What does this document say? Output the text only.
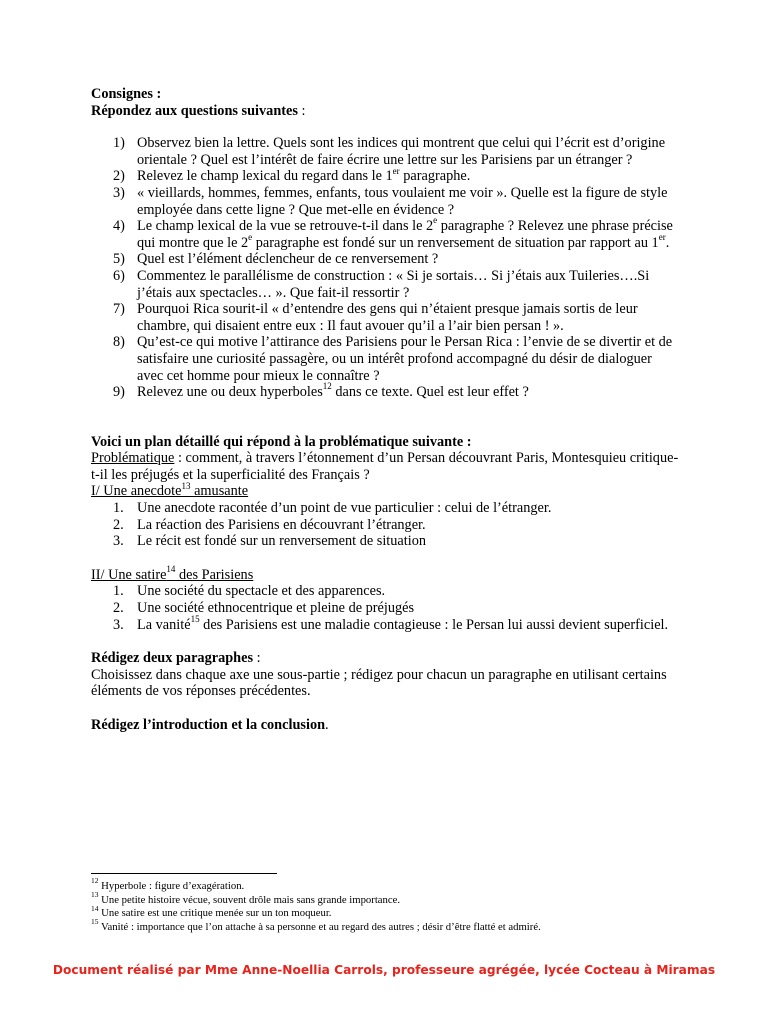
Consignes :
Répondez aux questions suivantes :
1) Observez bien la lettre. Quels sont les indices qui montrent que celui qui l’écrit est d’origine orientale ? Quel est l’intérêt de faire écrire une lettre sur les Parisiens par un étranger ?
2) Relevez le champ lexical du regard dans le 1er paragraphe.
3) « vieillards, hommes, femmes, enfants, tous voulaient me voir ». Quelle est la figure de style employée dans cette ligne ? Que met-elle en évidence ?
4) Le champ lexical de la vue se retrouve-t-il dans le 2e paragraphe ? Relevez une phrase précise qui montre que le 2e paragraphe est fondé sur un renversement de situation par rapport au 1er.
5) Quel est l’élément déclencheur de ce renversement ?
6) Commentez le parallélisme de construction : « Si je sortais… Si j’étais aux Tuileries….Si j’étais aux spectacles… ». Que fait-il ressortir ?
7) Pourquoi Rica sourit-il « d’entendre des gens qui n’étaient presque jamais sortis de leur chambre, qui disaient entre eux : Il faut avouer qu’il a l’air bien persan ! ».
8) Qu’est-ce qui motive l’attirance des Parisiens pour le Persan Rica : l’envie de se divertir et de satisfaire une curiosité passagère, ou un intérêt profond accompagné du désir de dialoguer avec cet homme pour mieux le connaître ?
9) Relevez une ou deux hyperboles$^{12}$ dans ce texte. Quel est leur effet ?
Voici un plan détaillé qui répond à la problématique suivante :
Problématique : comment, à travers l’étonnement d’un Persan découvrant Paris, Montesquieu critique-t-il les préjugés et la superficialité des Français ?
I/ Une anecdote$^{13}$ amusante
1. Une anecdote racontée d’un point de vue particulier : celui de l’étranger.
2. La réaction des Parisiens en découvrant l’étranger.
3. Le récit est fondé sur un renversement de situation
II/ Une satire$^{14}$ des Parisiens
1. Une société du spectacle et des apparences.
2. Une société ethnocentrique et pleine de préjugés
3. La vanité$^{15}$ des Parisiens est une maladie contagieuse : le Persan lui aussi devient superficiel.
Rédigez deux paragraphes :
Choisissez dans chaque axe une sous-partie ; rédigez pour chacun un paragraphe en utilisant certains éléments de vos réponses précédentes.
Rédigez l’introduction et la conclusion.
$^{12}$ Hyperbole : figure d’exagération.
$^{13}$ Une petite histoire vécue, souvent drôle mais sans grande importance.
$^{14}$ Une satire est une critique menée sur un ton moqueur.
$^{15}$ Vanité : importance que l’on attache à sa personne et au regard des autres ; désir d’être flatté et admiré.
Document réalisé par Mme Anne-Noellia Carrols, professeure agrégée, lycée Cocteau à Miramas
